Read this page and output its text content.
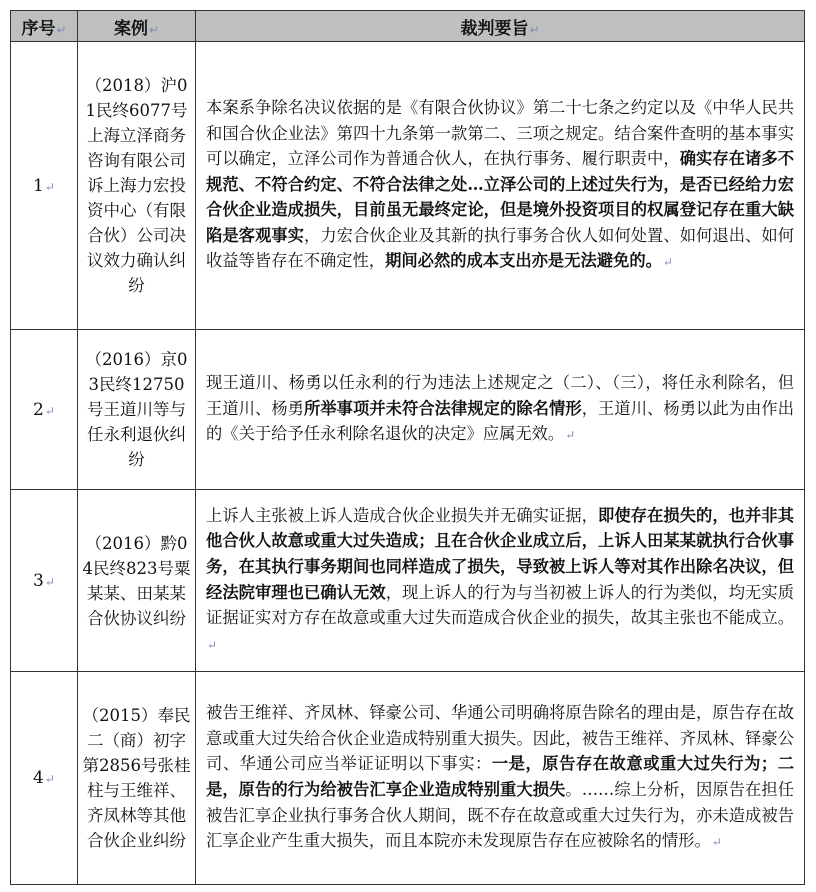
序号↵	案例↵	裁判要旨↵
1↵	（2018）沪01民终6077号上海立泽商务咨询有限公司诉上海力宏投资中心（有限合伙）公司决议效力确认纠纷	本案系争除名决议依据的是《有限合伙协议》第二十七条之约定以及《中华人民共和国合伙企业法》第四十九条第一款第二、三项之规定。结合案件查明的基本事实可以确定，立泽公司作为普通合伙人，在执行事务、履行职责中，确实存在诸多不规范、不符合约定、不符合法律之处…立泽公司的上述过失行为，是否已经给力宏合伙企业造成损失，目前虽无最终定论，但是境外投资项目的权属登记存在重大缺陷是客观事实，力宏合伙企业及其新的执行事务合伙人如何处置、如何退出、如何收益等皆存在不确定性，期间必然的成本支出亦是无法避免的。↵
2↵	（2016）京03民终12750号王道川等与任永利退伙纠纷	现王道川、杨勇以任永利的行为违法上述规定之（二）、（三），将任永利除名，但王道川、杨勇所举事项并未符合法律规定的除名情形，王道川、杨勇以此为由作出的《关于给予任永利除名退伙的决定》应属无效。↵
3↵	（2016）黔04民终823号粟某某、田某某合伙协议纠纷	上诉人主张被上诉人造成合伙企业损失并无确实证据，即使存在损失的，也并非其他合伙人故意或重大过失造成；且在合伙企业成立后，上诉人田某某就执行合伙事务，在其执行事务期间也同样造成了损失，导致被上诉人等对其作出除名决议，但经法院审理也已确认无效，现上诉人的行为与当初被上诉人的行为类似，均无实质证据证实对方存在故意或重大过失而造成合伙企业的损失，故其主张也不能成立。↵
4↵	（2015）奉民二（商）初字第2856号张桂柱与王维祥、齐凤林等其他合伙企业纠纷	被告王维祥、齐凤林、铎豪公司、华通公司明确将原告除名的理由是，原告存在故意或重大过失给合伙企业造成特别重大损失。因此，被告王维祥、齐凤林、铎豪公司、华通公司应当举证证明以下事实：一是，原告存在故意或重大过失行为；二是，原告的行为给被告汇享企业造成特别重大损失。……综上分析，因原告在担任被告汇享企业执行事务合伙人期间，既不存在故意或重大过失行为，亦未造成被告汇享企业产生重大损失，而且本院亦未发现原告存在应被除名的情形。↵
